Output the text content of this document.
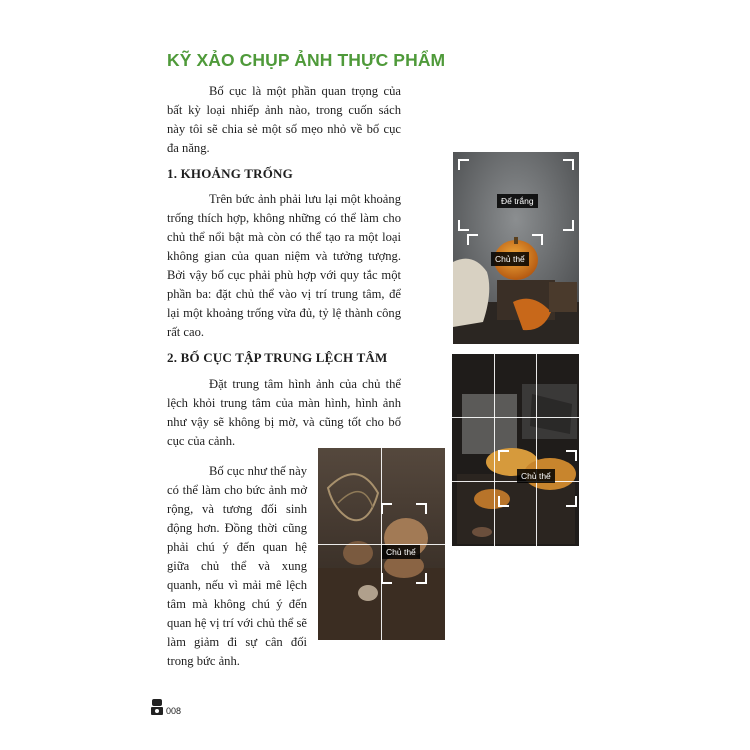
KỸ XẢO CHỤP ẢNH THỰC PHẨM

Bố cục là một phần quan trọng của bất kỳ loại nhiếp ảnh nào, trong cuốn sách này tôi sẽ chia sẻ một số mẹo nhỏ về bố cục đa năng.

1. KHOẢNG TRỐNG

Trên bức ảnh phải lưu lại một khoảng trống thích hợp, không những có thể làm cho chủ thể nổi bật mà còn có thể tạo ra một loại không gian của quan niệm và tưởng tượng. Bởi vậy bố cục phải phù hợp với quy tắc một phần ba: đặt chủ thể vào vị trí trung tâm, để lại một khoảng trống vừa đủ, tỷ lệ thành công rất cao.

2. BỐ CỤC TẬP TRUNG LỆCH TÂM

Đặt trung tâm hình ảnh của chủ thể lệch khỏi trung tâm của màn hình, hình ảnh như vậy sẽ không bị mờ, và cũng tốt cho bố cục của cảnh.

Bố cục như thế này có thể làm cho bức ảnh mở rộng, và tương đối sinh động hơn. Đồng thời cũng phải chú ý đến quan hệ giữa chủ thể và xung quanh, nếu vì mải mê lệch tâm mà không chú ý đến quan hệ vị trí với chủ thể sẽ làm giảm đi sự cân đối trong bức ảnh.

Để trắng
Chủ thể
Chủ thể
Chủ thể
008
